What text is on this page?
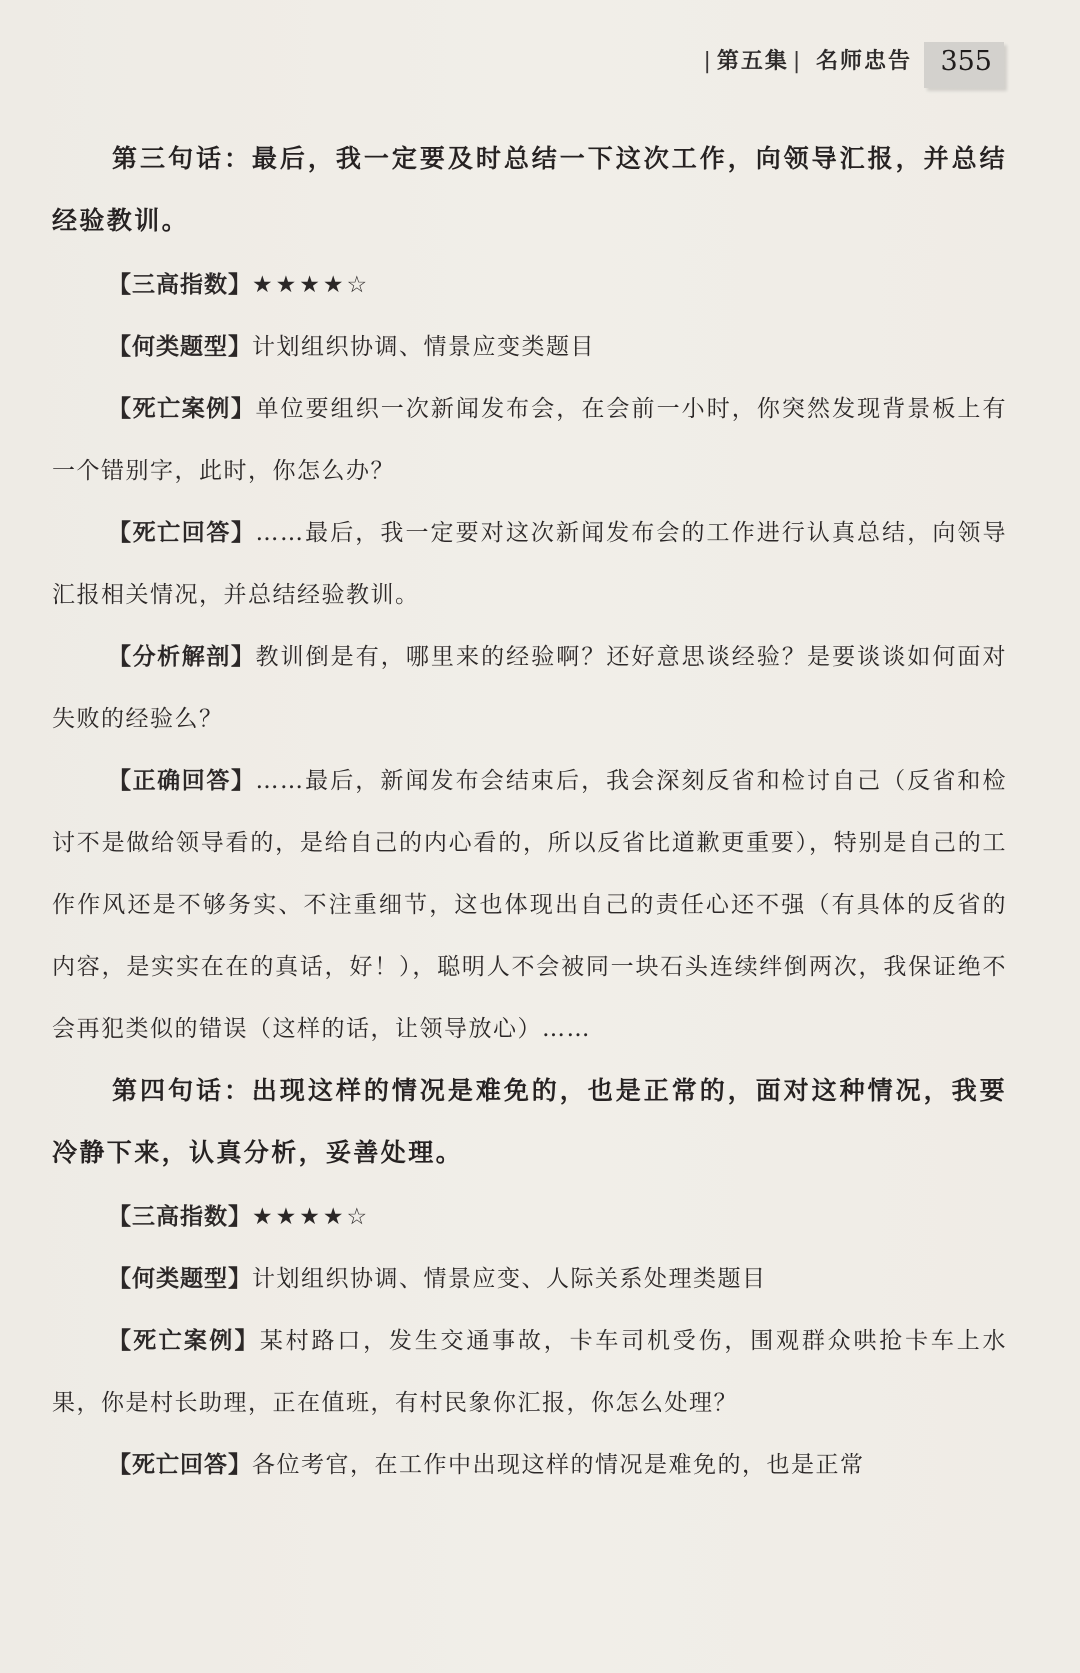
| 第五集 | 名师忠告 355

第三句话：最后，我一定要及时总结一下这次工作，向领导汇报，并总结经验教训。

【三高指数】★★★★☆

【何类题型】计划组织协调、情景应变类题目

【死亡案例】单位要组织一次新闻发布会，在会前一小时，你突然发现背景板上有一个错别字，此时，你怎么办？

【死亡回答】……最后，我一定要对这次新闻发布会的工作进行认真总结，向领导汇报相关情况，并总结经验教训。

【分析解剖】教训倒是有，哪里来的经验啊？还好意思谈经验？是要谈谈如何面对失败的经验么？

【正确回答】……最后，新闻发布会结束后，我会深刻反省和检讨自己（反省和检讨不是做给领导看的，是给自己的内心看的，所以反省比道歉更重要），特别是自己的工作作风还是不够务实、不注重细节，这也体现出自己的责任心还不强（有具体的反省的内容，是实实在在的真话，好！），聪明人不会被同一块石头连续绊倒两次，我保证绝不会再犯类似的错误（这样的话，让领导放心）……

第四句话：出现这样的情况是难免的，也是正常的，面对这种情况，我要冷静下来，认真分析，妥善处理。

【三高指数】★★★★☆

【何类题型】计划组织协调、情景应变、人际关系处理类题目

【死亡案例】某村路口，发生交通事故，卡车司机受伤，围观群众哄抢卡车上水果，你是村长助理，正在值班，有村民象你汇报，你怎么处理？

【死亡回答】各位考官，在工作中出现这样的情况是难免的，也是正常
